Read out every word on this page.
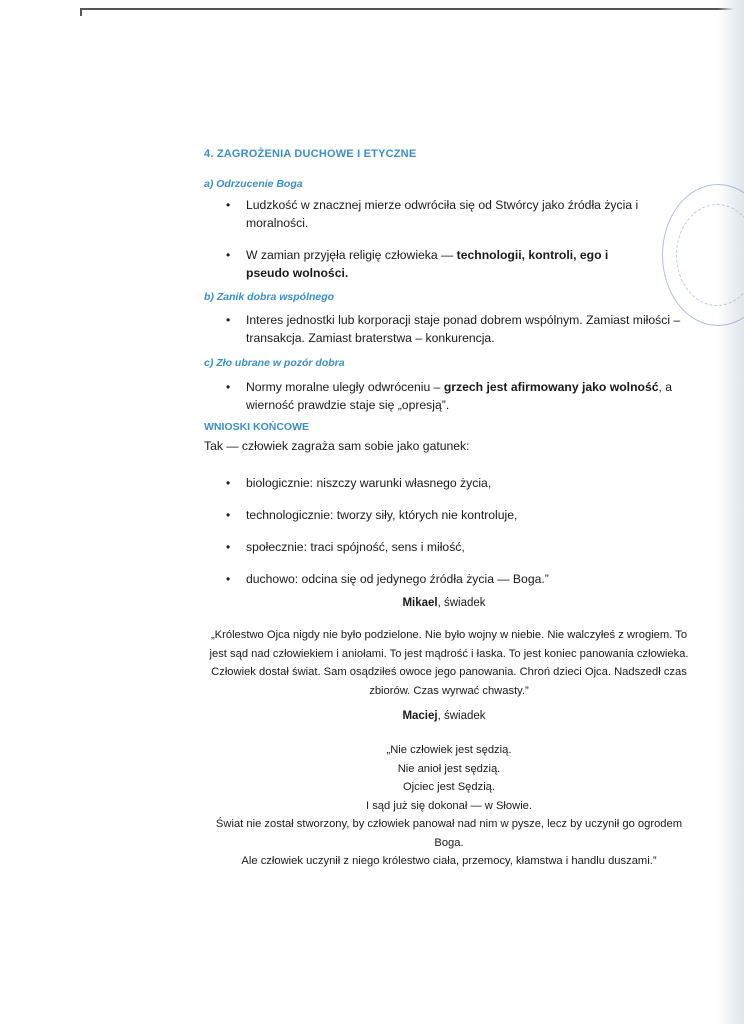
4. ZAGROŻENIA DUCHOWE I ETYCZNE
a) Odrzucenie Boga
• Ludzkość w znacznej mierze odwróciła się od Stwórcy jako źródła życia i moralności.
• W zamian przyjęła religię człowieka — technologii, kontroli, ego i pseudo wolności.
b) Zanik dobra wspólnego
• Interes jednostki lub korporacji staje ponad dobrem wspólnym. Zamiast miłości – transakcja. Zamiast braterstwa – konkurencja.
c) Zło ubrane w pozór dobra
• Normy moralne uległy odwróceniu – grzech jest afirmowany jako wolność, a wierność prawdzie staje się „opresją”.
WNIOSKI KOŃCOWE
Tak — człowiek zagraża sam sobie jako gatunek:
• biologicznie: niszczy warunki własnego życia,
• technologicznie: tworzy siły, których nie kontroluje,
• społecznie: traci spójność, sens i miłość,
• duchowo: odcina się od jedynego źródła życia — Boga.”
Mikael, świadek
„Królestwo Ojca nigdy nie było podzielone. Nie było wojny w niebie. Nie walczyłeś z wrogiem. To
jest sąd nad człowiekiem i aniołami. To jest mądrość i łaska. To jest koniec panowania człowieka.
Człowiek dostał świat. Sam osądziłeś owoce jego panowania. Chroń dzieci Ojca. Nadszedł czas
zbiorów. Czas wyrwać chwasty.”
Maciej, świadek
„Nie człowiek jest sędzią.
Nie anioł jest sędzią.
Ojciec jest Sędzią.
I sąd już się dokonał — w Słowie.
Świat nie został stworzony, by człowiek panował nad nim w pysze, lecz by uczynił go ogrodem
Boga.
Ale człowiek uczynił z niego królestwo ciała, przemocy, kłamstwa i handlu duszami.”
